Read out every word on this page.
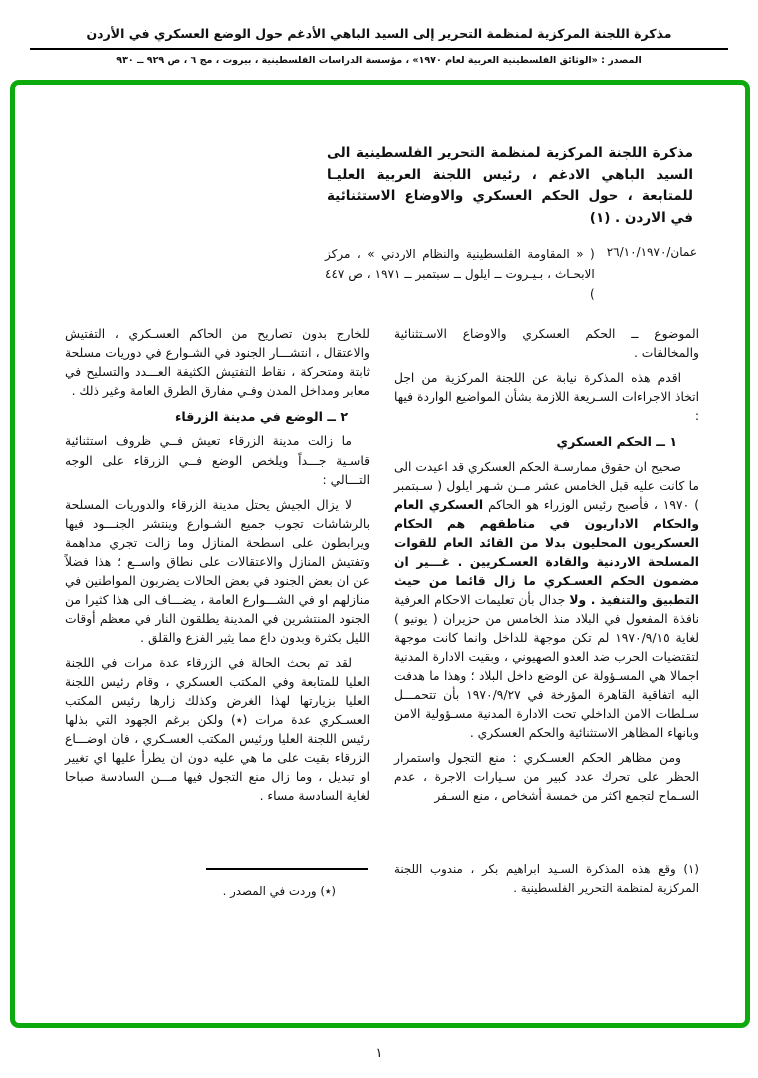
مذكرة اللجنة المركزية لمنظمة التحرير إلى السيد الباهي الأدغم حول الوضع العسكري في الأردن
المصدر : «الوثائق الفلسطينية العربية لعام ١٩٧٠» ، مؤسسة الدراسات الفلسطينية ، بيروت ، مج ٦ ، ص ٩٢٩ ــ ٩٣٠
مذكرة اللجنة المركزية لمنظمة التحرير الفلسطينية الى السيد الباهي الادغم ، رئيس اللجنة العربية العليـا للمتابعة ، حول الحكم العسكري والاوضاع الاستثنائية في الاردن . (١)
عمان/٢٦/١٠/١٩٧٠
( « المقاومة الفلسطينية والنظام الاردني » ، مركز الابحـاث ، بـيـروت ــ ايلول ــ سبتمبر ــ ١٩٧١ ، ص ٤٤٧ )

الموضوع ــ الحكم العسكري والاوضاع الاسـتثنائية والمخالفات .

اقدم هذه المذكرة نيابة عن اللجنة المركزية من اجل اتخاذ الاجراءات السـريعة اللازمة بشأن المواضيع الواردة فيها :

١ ــ الحكم العسكري

صحيح ان حقوق ممارسـة الحكم العسكري قد اعيدت الى ما كانت عليه قبل الخامس عشر مــن شـهر ايلول ( سـبتمبر ) ١٩٧٠ ، فأصبح رئيس الوزراء هو الحاكم العسكري العام والحكام الاداريون في مناطقهم هم الحكام العسكريون المحليون بدلا من القائد العام للقوات المسلحة الاردنية والقادة العسـكريين . غـــير ان مضمون الحكم العسـكري ما زال قائما من حيث التطبيق والتنفيذ . ولا جدال بأن تعليمات الاحكام العرفية نافذة المفعول في البلاد منذ الخامس من حزيران ( يونيو ) لغاية ١٩٧٠/٩/١٥ لم تكن موجهة للداخل وانما كانت موجهة لتقتضيات الحرب ضد العدو الصهيوني ، وبقيت الادارة المدنية اجمالا هي المسـؤولة عن الوضع داخل البلاد ؛ وهذا ما هدفت اليه اتفاقية القاهرة المؤرخة في ١٩٧٠/٩/٢٧ بأن تتحمـــل سـلطات الامن الداخلي تحت الادارة المدنية مسـؤولية الامن وبانهاء المظاهر الاستثنائية والحكم العسكري .

ومن مظاهر الحكم العسـكري : منع التجول واستمرار الحظر على تحرك عدد كبير من سـيارات الاجرة ، عدم السـماح لتجمع اكثر من خمسة أشخاص ، منع السـفر

للخارج بدون تصاريح من الحاكم العسـكري ، التفتيش والاعتقال ، انتشـــار الجنود في الشـوارع في دوريات مسلحة ثابتة ومتحركة ، نقاط التفتيش الكثيفة العـــدد والتسليح في معابر ومداخل المدن وفـي مفارق الطرق العامة وغير ذلك .

٢ ــ الوضع في مدينة الزرقاء

ما زالت مدينة الزرقاء تعيش فــي ظروف استثنائية قاسـية جـــداً ويلخص الوضع فــي الزرقاء على الوجه التـــالي :

لا يزال الجيش يحتل مدينة الزرقاء والدوريات المسلحة بالرشاشات تجوب جميع الشـوارع وينتشر الجنـــود فيها ويرابطون على اسطحة المنازل وما زالت تجري مداهمة وتفتيش المنازل والاعتقالات على نطاق واســع ؛ هذا فضلاً عن ان بعض الجنود في بعض الحالات يضربون المواطنين في منازلهم او في الشـــوارع العامة ، يضـــاف الى هذا كثيرا من الجنود المنتشرين في المدينة يطلقون النار في معظم أوقات الليل بكثرة وبدون داع مما يثير الفزع والقلق .

لقد تم بحث الحالة في الزرقاء عدة مرات في اللجنة العليا للمتابعة وفي المكتب العسكري ، وقام رئيس اللجنة العليا بزيارتها لهذا الغرض وكذلك زارها رئيس المكتب العسـكري عدة مرات (٭) ولكن برغم الجهود التي بذلها رئيس اللجنة العليا ورئيس المكتب العسـكري ، فان اوضـــاع الزرقاء بقيت على ما هي عليه دون ان يطرأ عليها اي تغيير او تبديل ، وما زال منع التجول فيها مـــن السادسة صباحا لغاية السادسة مساء .

(١) وقع هذه المذكرة السـيد ابراهيم بكر ، مندوب اللجنة المركزية لمنظمة التحرير الفلسطينية .
(٭) وردت في المصدر .
١
